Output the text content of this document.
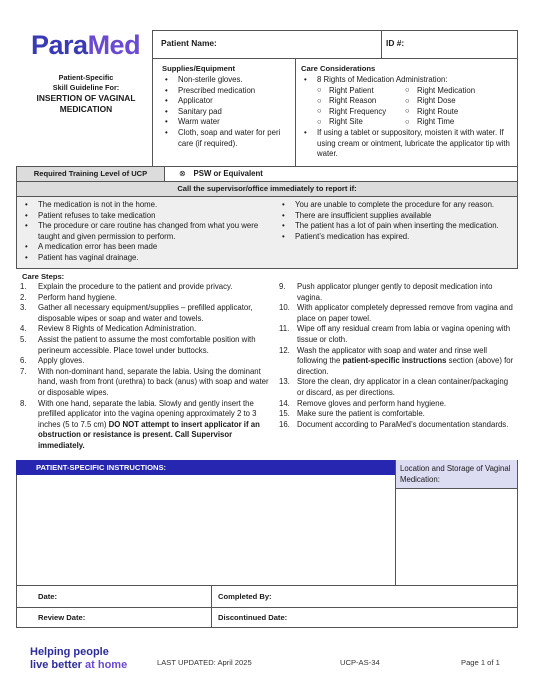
ParaMed Patient Name:	ID #:
Patient-Specific
Skill Guideline For:
INSERTION OF VAGINAL
MEDICATION
Supplies/Equipment
• Non-sterile gloves.
• Prescribed medication
• Applicator
• Sanitary pad
• Warm water
• Cloth, soap and water for peri care (if required).
Care Considerations
• 8 Rights of Medication Administration:
○ Right Patient	○ Right Medication
○ Right Reason	○ Right Dose
○ Right Frequency	○ Right Route
○ Right Site	○ Right Time
• If using a tablet or suppository, moisten it with water. If using cream or ointment, lubricate the applicator tip with water.
Required Training Level of UCP	⊗ PSW or Equivalent
Call the supervisor/office immediately to report if:
• The medication is not in the home.
• Patient refuses to take medication
• The procedure or care routine has changed from what you were taught and given permission to perform.
• A medication error has been made
• Patient has vaginal drainage.
• You are unable to complete the procedure for any reason.
• There are insufficient supplies available
• The patient has a lot of pain when inserting the medication.
• Patient’s medication has expired.
Care Steps:
1. Explain the procedure to the patient and provide privacy.
2. Perform hand hygiene.
3. Gather all necessary equipment/supplies – prefilled applicator, disposable wipes or soap and water and towels.
4. Review 8 Rights of Medication Administration.
5. Assist the patient to assume the most comfortable position with perineum accessible. Place towel under buttocks.
6. Apply gloves.
7. With non-dominant hand, separate the labia. Using the dominant hand, wash from front (urethra) to back (anus) with soap and water or disposable wipes.
8. With one hand, separate the labia. Slowly and gently insert the prefilled applicator into the vagina opening approximately 2 to 3 inches (5 to 7.5 cm) DO NOT attempt to insert applicator if an obstruction or resistance is present. Call Supervisor immediately.
9. Push applicator plunger gently to deposit medication into vagina.
10. With applicator completely depressed remove from vagina and place on paper towel.
11. Wipe off any residual cream from labia or vagina opening with tissue or cloth.
12. Wash the applicator with soap and water and rinse well following the patient-specific instructions section (above) for direction.
13. Store the clean, dry applicator in a clean container/packaging or discard, as per directions.
14. Remove gloves and perform hand hygiene.
15. Make sure the patient is comfortable.
16. Document according to ParaMed’s documentation standards.
PATIENT-SPECIFIC INSTRUCTIONS:	Location and Storage of Vaginal Medication:
Date:	Completed By:
Review Date:	Discontinued Date:
Helping people
live better at home	LAST UPDATED: April 2025	UCP-AS-34	Page 1 of 1
